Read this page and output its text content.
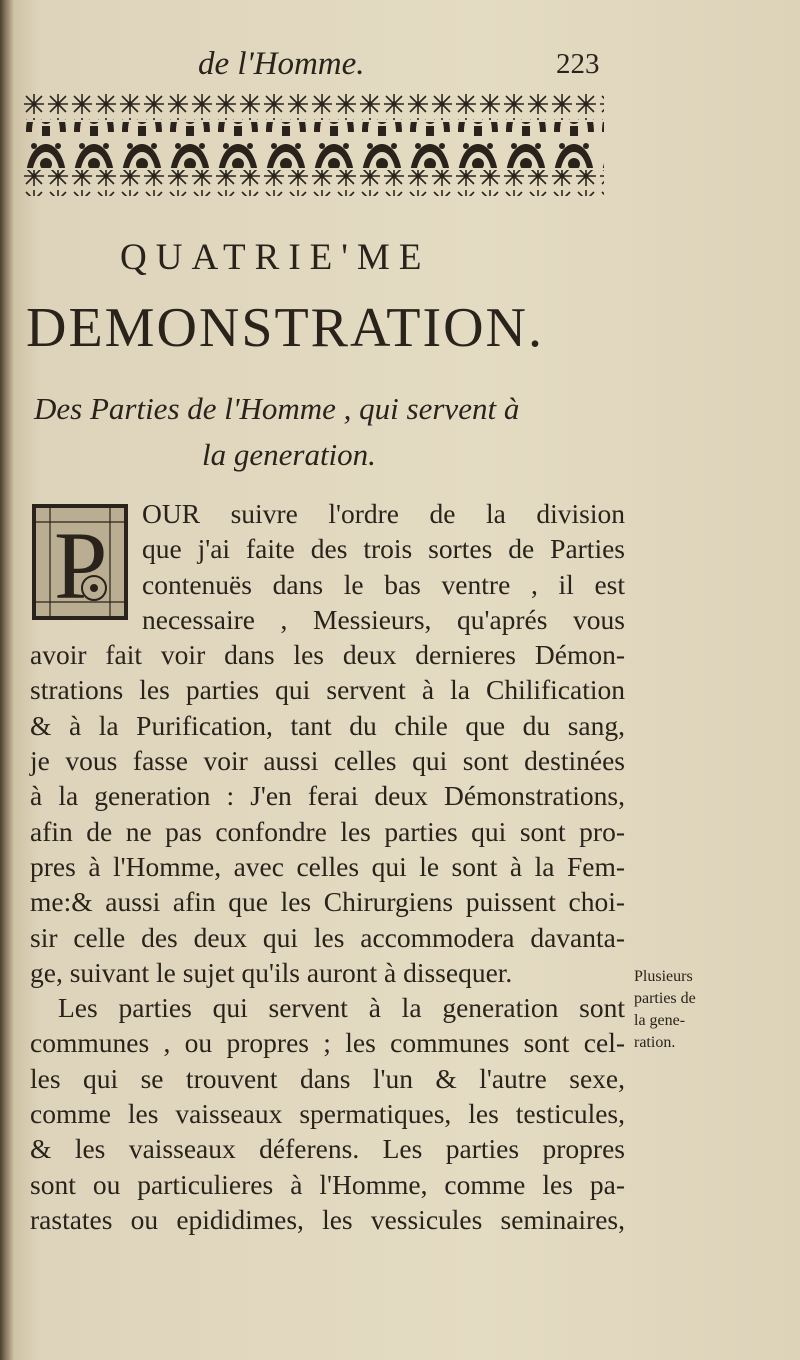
de l'Homme.	223
QUATRIE'ME
DEMONSTRATION.
Des Parties de l'Homme , qui servent à
la generation.
P	OUR suivre l'ordre de la division
que j'ai faite des trois sortes de Parties
contenuës dans le bas ventre , il est
necessaire , Messieurs, qu'aprés vous
avoir fait voir dans les deux dernieres Démon-
strations les parties qui servent à la Chilification
& à la Purification, tant du chile que du sang,
je vous fasse voir aussi celles qui sont destinées
à la generation : J'en ferai deux Démonstrations,
afin de ne pas confondre les parties qui sont pro-
pres à l'Homme, avec celles qui le sont à la Fem-
me:& aussi afin que les Chirurgiens puissent choi-
sir celle des deux qui les accommodera davanta-
ge, suivant le sujet qu'ils auront à dissequer.
Les parties qui servent à la generation sont
communes , ou propres ; les communes sont cel-
les qui se trouvent dans l'un & l'autre sexe,
comme les vaisseaux spermatiques, les testicules,
& les vaisseaux déferens. Les parties propres
sont ou particulieres à l'Homme, comme les pa-
rastates ou epididimes, les vessicules seminaires,
Plusieurs
parties de
la gene-
ration.
